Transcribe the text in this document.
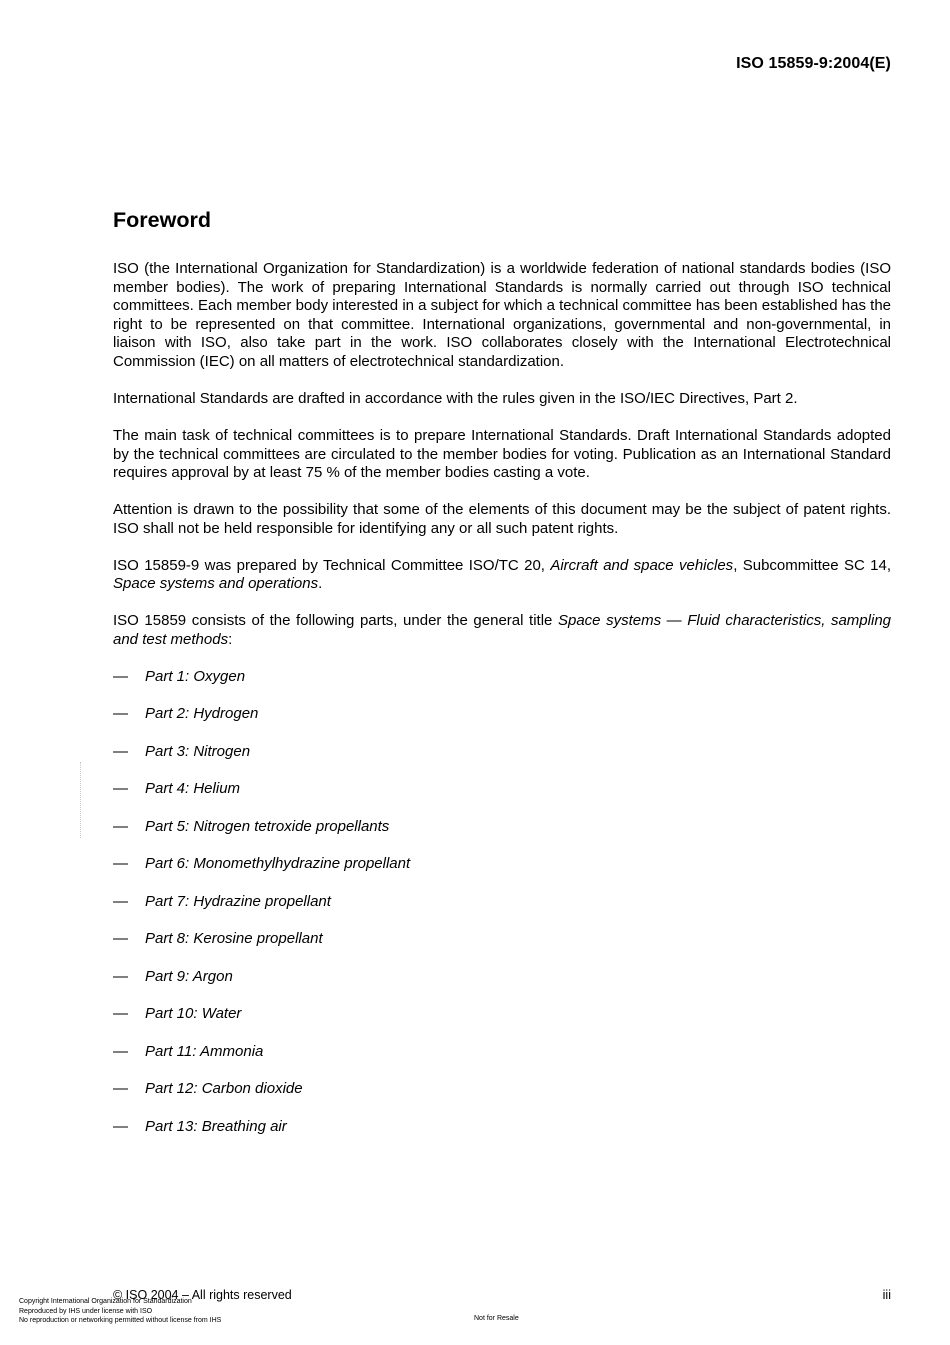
ISO 15859-9:2004(E)
Foreword

ISO (the International Organization for Standardization) is a worldwide federation of national standards bodies (ISO member bodies). The work of preparing International Standards is normally carried out through ISO technical committees. Each member body interested in a subject for which a technical committee has been established has the right to be represented on that committee. International organizations, governmental and non-governmental, in liaison with ISO, also take part in the work. ISO collaborates closely with the International Electrotechnical Commission (IEC) on all matters of electrotechnical standardization.

International Standards are drafted in accordance with the rules given in the ISO/IEC Directives, Part 2.

The main task of technical committees is to prepare International Standards. Draft International Standards adopted by the technical committees are circulated to the member bodies for voting. Publication as an International Standard requires approval by at least 75 % of the member bodies casting a vote.

Attention is drawn to the possibility that some of the elements of this document may be the subject of patent rights. ISO shall not be held responsible for identifying any or all such patent rights.

ISO 15859-9 was prepared by Technical Committee ISO/TC 20, Aircraft and space vehicles, Subcommittee SC 14, Space systems and operations.

ISO 15859 consists of the following parts, under the general title Space systems — Fluid characteristics, sampling and test methods:

—	Part 1: Oxygen
—	Part 2: Hydrogen
—	Part 3: Nitrogen
—	Part 4: Helium
—	Part 5: Nitrogen tetroxide propellants
—	Part 6: Monomethylhydrazine propellant
—	Part 7: Hydrazine propellant
—	Part 8: Kerosine propellant
—	Part 9: Argon
—	Part 10: Water
—	Part 11: Ammonia
—	Part 12: Carbon dioxide
—	Part 13: Breathing air
© ISO 2004 – All rights reserved	iii
Copyright International Organization for Standardization
Reproduced by IHS under license with ISO
No reproduction or networking permitted without license from IHS	Not for Resale
